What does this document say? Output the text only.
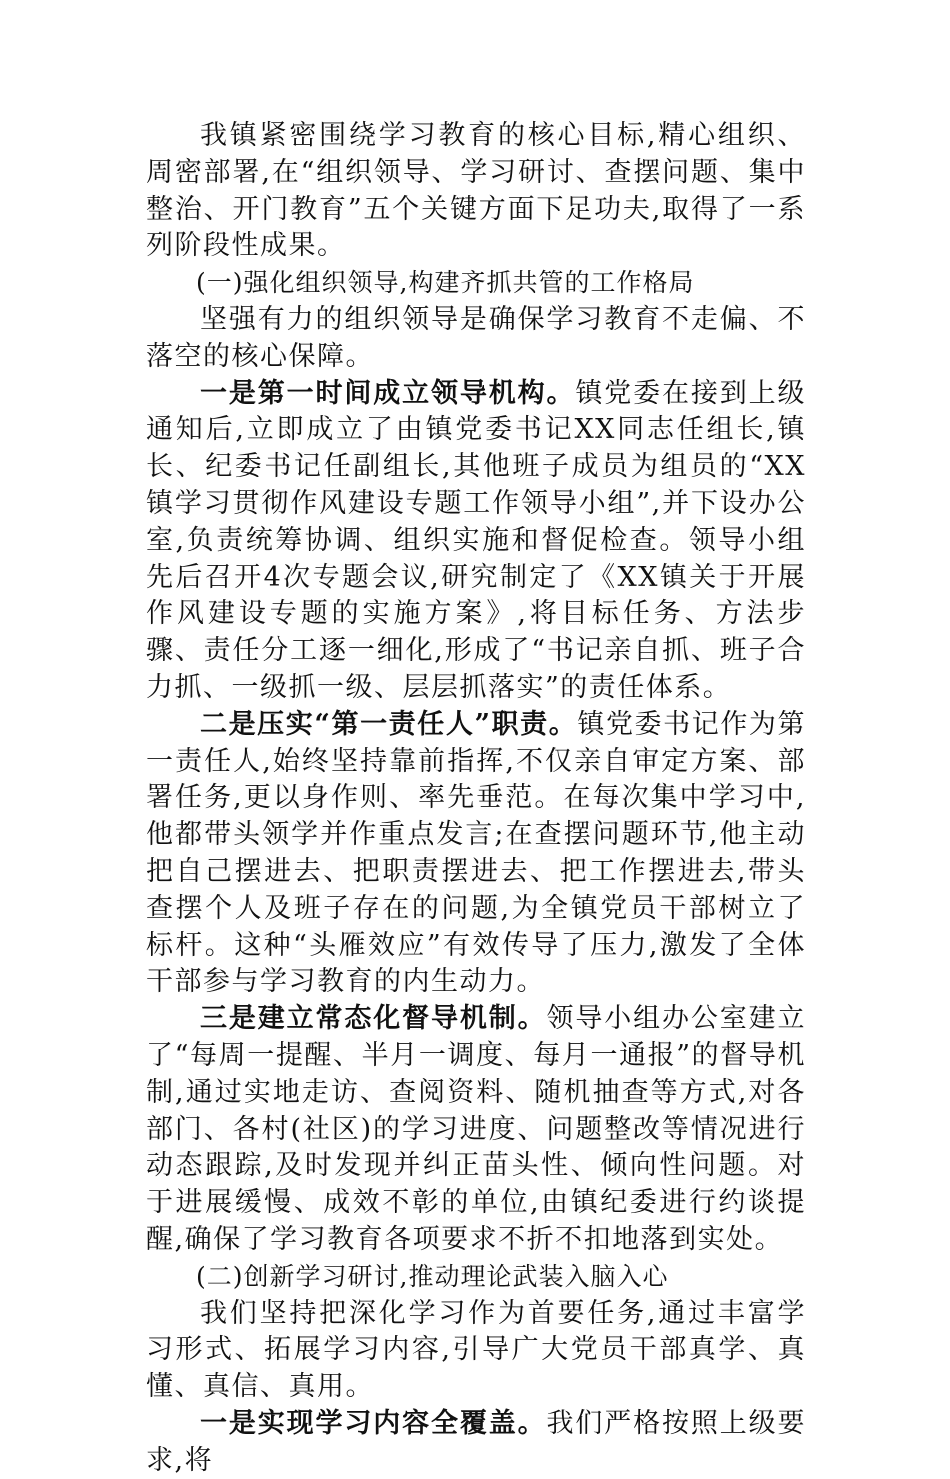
我镇紧密围绕学习教育的核心目标,精心组织、周密部署,在“组织领导、学习研讨、查摆问题、集中整治、开门教育”五个关键方面下足功夫,取得了一系列阶段性成果。

(一)强化组织领导,构建齐抓共管的工作格局

坚强有力的组织领导是确保学习教育不走偏、不落空的核心保障。

一是第一时间成立领导机构。镇党委在接到上级通知后,立即成立了由镇党委书记XX同志任组长,镇长、纪委书记任副组长,其他班子成员为组员的“XX镇学习贯彻作风建设专题工作领导小组”,并下设办公室,负责统筹协调、组织实施和督促检查。领导小组先后召开4次专题会议,研究制定了《XX镇关于开展作风建设专题的实施方案》,将目标任务、方法步骤、责任分工逐一细化,形成了“书记亲自抓、班子合力抓、一级抓一级、层层抓落实”的责任体系。

二是压实“第一责任人”职责。镇党委书记作为第一责任人,始终坚持靠前指挥,不仅亲自审定方案、部署任务,更以身作则、率先垂范。在每次集中学习中,他都带头领学并作重点发言;在查摆问题环节,他主动把自己摆进去、把职责摆进去、把工作摆进去,带头查摆个人及班子存在的问题,为全镇党员干部树立了标杆。这种“头雁效应”有效传导了压力,激发了全体干部参与学习教育的内生动力。

三是建立常态化督导机制。领导小组办公室建立了“每周一提醒、半月一调度、每月一通报”的督导机制,通过实地走访、查阅资料、随机抽查等方式,对各部门、各村(社区)的学习进度、问题整改等情况进行动态跟踪,及时发现并纠正苗头性、倾向性问题。对于进展缓慢、成效不彰的单位,由镇纪委进行约谈提醒,确保了学习教育各项要求不折不扣地落到实处。

(二)创新学习研讨,推动理论武装入脑入心

我们坚持把深化学习作为首要任务,通过丰富学习形式、拓展学习内容,引导广大党员干部真学、真懂、真信、真用。

一是实现学习内容全覆盖。我们严格按照上级要求,将
